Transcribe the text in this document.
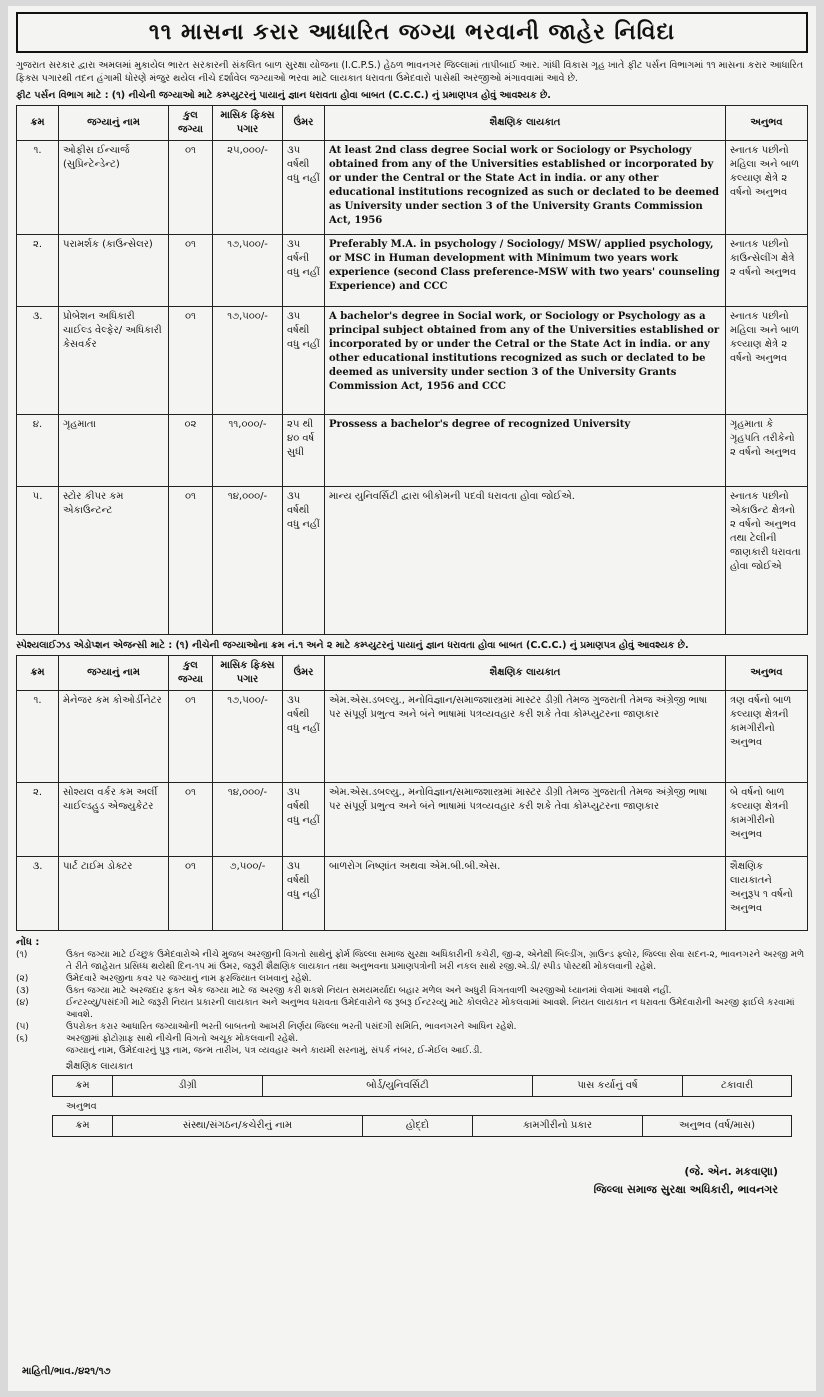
૧૧ માસના કરાર આધારિત જગ્યા ભરવાની જાહેર નિવિદા
ગુજરાત સરકાર દ્વારા અમલમાં મુકાયેલ ભારત સરકારની સંકલિત બાળ સુરક્ષા યોજના (I.C.P.S.) હેઠળ ભાવનગર જિલ્લામાં તાપીબાઈ આર. ગાંધી વિકાસ ગૃહ ખાતે ફીટ પર્સન વિભાગમાં ૧૧ માસના કરાર આધારિત ફિક્સ પગારથી તદન હંગામી ધોરણે મંજુર થયેલ નીચે દર્શાવેલ જગ્યાઓ ભરવા માટે લાયકાત ધરાવતા ઉમેદવારો પાસેથી અરજીઓ મંગાવવામાં આવે છે.
ફીટ પર્સન વિભાગ માટે : (૧) નીચેની જગ્યાઓ માટે કમ્પ્યુટરનું પાયાનું જ્ઞાન ધરાવતા હોવા બાબત (C.C.C.) નું પ્રમાણપત્ર હોવું આવશ્યક છે.
ક્રમ	જગ્યાનું નામ	કુલ જગ્યા	માસિક ફિક્સ પગાર	ઉંમર	શૈક્ષણિક લાયકાત	અનુભવ
૧.	ઓફીસ ઈન્ચાર્જ (સુપ્રિન્ટેન્ડેન્ટ)	૦૧	૨૫,૦૦૦/-	૩૫ વર્ષથી વધુ નહીં	At least 2nd class degree Social work or Sociology or Psychology obtained from any of the Universities established or incorporated by or under the Central or the State Act in india. or any other educational institutions recognized as such or declated to be deemed as University under section 3 of the University Grants Commission Act, 1956	સ્નાતક પછીનો મહિલા અને બાળ કલ્યાણ ક્ષેત્રે ૨ વર્ષનો અનુભવ
૨.	પરામર્શક (કાઉન્સેલર)	૦૧	૧૭,૫૦૦/-	૩૫ વર્ષની વધુ નહીં	Preferably M.A. in psychology / Sociology/ MSW/ applied psychology, or MSC in Human development with Minimum two years work experience (second Class preference-MSW with two years' counseling Experience) and CCC	સ્નાતક પછીનો કાઉન્સેલીંગ ક્ષેત્રે ૨ વર્ષનો અનુભવ
૩.	પ્રોબેશન અધિકારી ચાઈલ્ડ વેલ્ફેર/ અધિકારી કેસવર્કર	૦૧	૧૭,૫૦૦/-	૩૫ વર્ષથી વધુ નહીં	A bachelor's degree in Social work, or Sociology or Psychology as a principal subject obtained from any of the Universities established or incorporated by or under the Cetral or the State Act in india. or any other educational institutions recognized as such or declated to be deemed as university under section 3 of the University Grants Commission Act, 1956 and CCC	સ્નાતક પછીનો મહિલા અને બાળ કલ્યાણ ક્ષેત્રે ૨ વર્ષનો અનુભવ
૪.	ગૃહમાતા	૦૨	૧૧,૦૦૦/-	૨૫ થી ૪૦ વર્ષ સુધી	Prossess a bachelor's degree of recognized University	ગૃહમાતા કે ગૃહપતિ તરીકેનો ૨ વર્ષનો અનુભવ
૫.	સ્ટોર કીપર કમ એકાઉન્ટન્ટ	૦૧	૧૪,૦૦૦/-	૩૫ વર્ષથી વધુ નહીં	માન્ય યુનિવર્સિટી દ્વારા બીકોમની પદવી ધરાવતા હોવા જોઈએ.	સ્નાતક પછીનો એકાઉન્ટ ક્ષેત્રનો ૨ વર્ષનો અનુભવ તથા ટેલીની જાણકારી ધરાવતા હોવા જોઈએ
સ્પેશ્યલાઈઝડ એડોપ્શન એજન્સી માટે : (૧) નીચેની જગ્યાઓના ક્રમ નં.૧ અને ૨ માટે કમ્પ્યુટરનું પાયાનું જ્ઞાન ધરાવતા હોવા બાબત (C.C.C.) નું પ્રમાણપત્ર હોવું આવશ્યક છે.
ક્રમ	જગ્યાનું નામ	કુલ જગ્યા	માસિક ફિક્સ પગાર	ઉંમર	શૈક્ષણિક લાયકાત	અનુભવ
૧.	મેનેજર કમ કોઓર્ડીનેટર	૦૧	૧૭,૫૦૦/-	૩૫ વર્ષથી વધુ નહીં	એમ.એસ.ડબલ્યુ., મનોવિજ્ઞાન/સમાજશાસ્ત્રમાં માસ્ટર ડીગ્રી તેમજ ગુજરાતી તેમજ અંગ્રેજી ભાષા પર સંપૂર્ણ પ્રભુત્વ અને બંને ભાષામાં પત્રવ્યવહાર કરી શકે તેવા કોમ્પ્યુટરના જાણકાર	ત્રણ વર્ષનો બાળ કલ્યાણ ક્ષેત્રની કામગીરીનો અનુભવ
૨.	સોશ્યલ વર્કર કમ અર્લી ચાઈલ્ડહુડ એજ્યુકેટર	૦૧	૧૪,૦૦૦/-	૩૫ વર્ષથી વધુ નહીં	એમ.એસ.ડબલ્યુ., મનોવિજ્ઞાન/સમાજશાસ્ત્રમાં માસ્ટર ડીગ્રી તેમજ ગુજરાતી તેમજ અંગ્રેજી ભાષા પર સંપૂર્ણ પ્રભુત્વ અને બંને ભાષામાં પત્રવ્યવહાર કરી શકે તેવા કોમ્પ્યુટરના જાણકાર	બે વર્ષનો બાળ કલ્યાણ ક્ષેત્રની કામગીરીનો અનુભવ
૩.	પાર્ટ ટાઈમ ડોક્ટર	૦૧	૭,૫૦૦/-	૩૫ વર્ષથી વધુ નહીં	બાળરોગ નિષ્ણાંત અથવા એમ.બી.બી.એસ.	શૈક્ષણિક લાયકાતને અનુરૂપ ૧ વર્ષનો અનુભવ
નોંધ :
(૧)	ઉક્ત જગ્યા માટે ઈચ્છુક ઉમેદવારોએ નીચે મુજબ અરજીની વિગતો સાથેનું ફોર્મ જિલ્લા સમાજ સુરક્ષા અધિકારીની કચેરી, જી-૨, એનેક્ષી બિલ્ડીંગ, ગ્રાઉન્ડ ફ્લોર, જિલ્લા સેવા સદન-૨, ભાવનગરને અરજી મળે તે રીતે જાહેરાત પ્રસિધ્ધ થયેથી દિન-૧૫ માં ઉંમર, જરૂરી શૈક્ષણિક લાયકાત તથા અનુભવના પ્રમાણપત્રોની ખરી નકલ સાથે રજી.એ.ડી/ સ્પીડ પોસ્ટથી મોકલવાની રહેશે.
(૨)	ઉમેદવારે અરજીના કવર પર જગ્યાનું નામ ફરજિયાત લખવાનું રહેશે.
(૩)	ઉક્ત જગ્યા માટે અરજદાર ફક્ત એક જગ્યા માટે જ અરજી કરી શકશે નિયત સમયમર્યાદા બહાર મળેલ અને અધુરી વિગતવાળી અરજીઓ ધ્યાનમાં લેવામાં આવશે નહીં.
(૪)	ઈન્ટરવ્યુ/પસંદગી માટે જરૂરી નિયત પ્રકારની લાયકાત અને અનુભવ ધરાવતા ઉમેદવારોને જ રૂબરૂ ઈન્ટરવ્યુ માટે કોલલેટર મોકલવામાં આવશે. નિયત લાયકાત ન ધરાવતા ઉમેદવારોની અરજી ફાઈલે કરવામાં આવશે.
(૫)	ઉપરોક્ત કરાર આધારિત જગ્યાઓની ભરતી બાબતનો આખરી નિર્ણય જિલ્લા ભરતી પસંદગી સમિતિ, ભાવનગરને આધિન રહેશે.
(૬)	અરજીમાં ફોટોગ્રાફ સાથે નીચેની વિગતો અચૂક મોકલવાની રહેશે.
જગ્યાનું નામ, ઉમેદવારનું પુરૂ નામ, જન્મ તારીખ, પત્ર વ્યવહાર અને કાયમી સરનામું, સંપર્ક નંબર, ઈ-મેઈલ આઈ.ડી.
શૈક્ષણિક લાયકાત
ક્રમ	ડીગ્રી	બોર્ડ/યુનિવર્સિટી	પાસ કર્યાનું વર્ષ	ટકાવારી
અનુભવ
ક્રમ	સંસ્થા/સંગઠન/કચેરીનું નામ	હોદ્દો	કામગીરીનો પ્રકાર	અનુભવ (વર્ષ/માસ)
(જે. એન. મકવાણા)
જિલ્લા સમાજ સુરક્ષા અધિકારી, ભાવનગર
માહિતી/ભાવ./૪૨૧/૧૭
